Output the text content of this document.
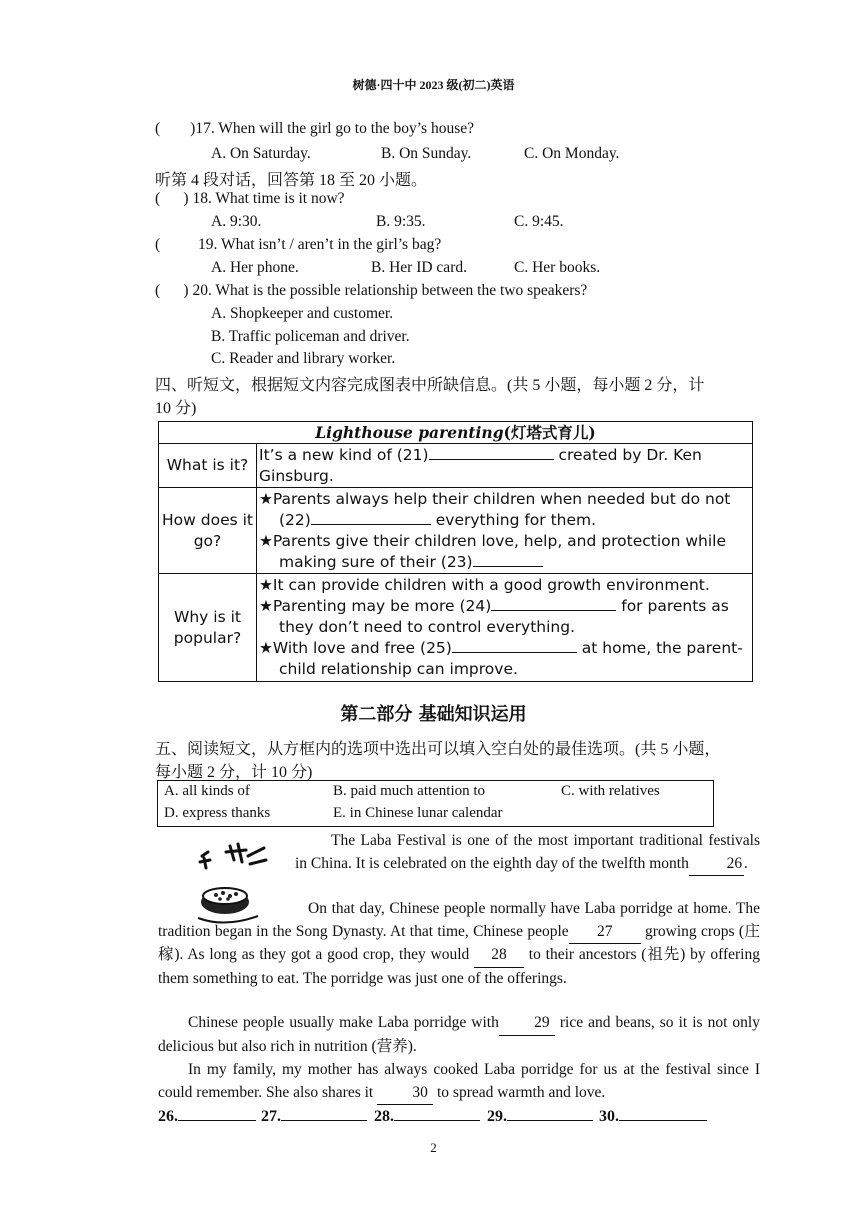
树德·四十中 2023 级(初二)英语
( )17. When will the girl go to the boy’s house?
A. On Saturday.	B. On Sunday.	C. On Monday.
听第 4 段对话，回答第 18 至 20 小题。
(      ) 18. What time is it now?
A. 9:30.	B. 9:35.	C. 9:45.
( 19. What isn’t / aren’t in the girl’s bag?
A. Her phone.	B. Her ID card.	C. Her books.
(      ) 20. What is the possible relationship between the two speakers?
A. Shopkeeper and customer.
B. Traffic policeman and driver.
C. Reader and library worker.
四、听短文，根据短文内容完成图表中所缺信息。(共 5 小题，每小题 2 分，计
10 分)
Lighthouse parenting(灯塔式育儿)	
What is it?	It’s a new kind of (21) created by Dr. Ken Ginsburg.
How does it go?	★Parents always help their children when needed but do not (22) everything for them.
★Parents give their children love, help, and protection while making sure of their (23)

Why is it popular?	★It can provide children with a good growth environment.
★Parenting may be more (24) for parents as they don’t need to control everything.
★With love and free (25) at home, the parent-child relationship can improve.
第二部分 基础知识运用
五、阅读短文，从方框内的选项中选出可以填入空白处的最佳选项。(共 5 小题，
每小题 2 分，计 10 分)
A. all kinds of	B. paid much attention to	C. with relatives
D. express thanks	E. in Chinese lunar calendar
The Laba Festival is one of the most important traditional festivals in China. It is celebrated on the eighth day of the twelfth month 26 .
On that day, Chinese people normally have Laba porridge at home. The tradition began in the Song Dynasty. At that time, Chinese people 27 growing crops (庄稼). As long as they got a good crop, they would 28 to their ancestors (祖先) by offering them something to eat. The porridge was just one of the offerings.
Chinese people usually make Laba porridge with 29 rice and beans, so it is not only delicious but also rich in nutrition (营养).
In my family, my mother has always cooked Laba porridge for us at the festival since I could remember. She also shares it 30 to spread warmth and love.
26.	27.	28.	29.	30.
2
